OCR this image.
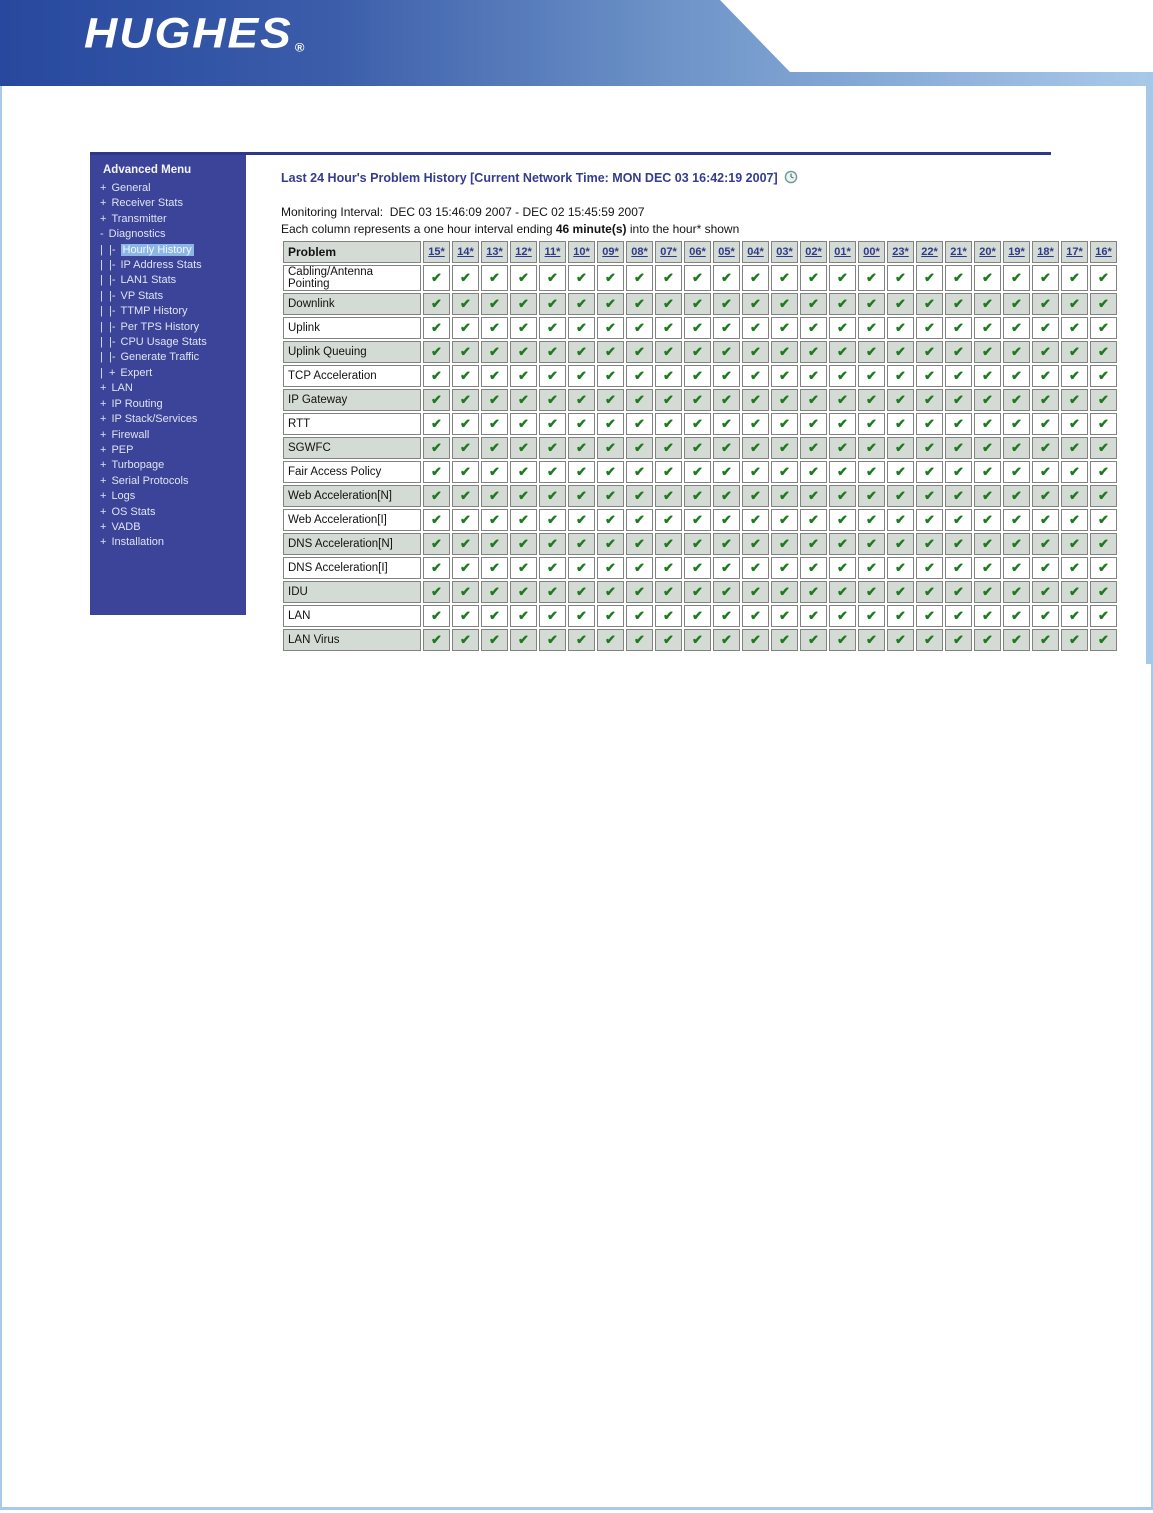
HUGHES ®
Advanced Menu
+ General
+ Receiver Stats
+ Transmitter
- Diagnostics
|  |- Hourly History
|  |- IP Address Stats
|  |- LAN1 Stats
|  |- VP Stats
|  |- TTMP History
|  |- Per TPS History
|  |- CPU Usage Stats
|  |- Generate Traffic
|  + Expert
+ LAN
+ IP Routing
+ IP Stack/Services
+ Firewall
+ PEP
+ Turbopage
+ Serial Protocols
+ Logs
+ OS Stats
+ VADB
+ Installation
Last 24 Hour's Problem History [Current Network Time: MON DEC 03 16:42:19 2007]
Monitoring Interval: DEC 03 15:46:09 2007 - DEC 02 15:45:59 2007
Each column represents a one hour interval ending 46 minute(s) into the hour* shown
Problem	15*	14*	13*	12*	11*	10*	09*	08*	07*	06*	05*	04*	03*	02*	01*	00*	23*	22*	21*	20*	19*	18*	17*	16*
Cabling/Antenna Pointing	✔	✔	✔	✔	✔	✔	✔	✔	✔	✔	✔	✔	✔	✔	✔	✔	✔	✔	✔	✔	✔	✔	✔	✔
Downlink	✔	✔	✔	✔	✔	✔	✔	✔	✔	✔	✔	✔	✔	✔	✔	✔	✔	✔	✔	✔	✔	✔	✔	✔
Uplink	✔	✔	✔	✔	✔	✔	✔	✔	✔	✔	✔	✔	✔	✔	✔	✔	✔	✔	✔	✔	✔	✔	✔	✔
Uplink Queuing	✔	✔	✔	✔	✔	✔	✔	✔	✔	✔	✔	✔	✔	✔	✔	✔	✔	✔	✔	✔	✔	✔	✔	✔
TCP Acceleration	✔	✔	✔	✔	✔	✔	✔	✔	✔	✔	✔	✔	✔	✔	✔	✔	✔	✔	✔	✔	✔	✔	✔	✔
IP Gateway	✔	✔	✔	✔	✔	✔	✔	✔	✔	✔	✔	✔	✔	✔	✔	✔	✔	✔	✔	✔	✔	✔	✔	✔
RTT	✔	✔	✔	✔	✔	✔	✔	✔	✔	✔	✔	✔	✔	✔	✔	✔	✔	✔	✔	✔	✔	✔	✔	✔
SGWFC	✔	✔	✔	✔	✔	✔	✔	✔	✔	✔	✔	✔	✔	✔	✔	✔	✔	✔	✔	✔	✔	✔	✔	✔
Fair Access Policy	✔	✔	✔	✔	✔	✔	✔	✔	✔	✔	✔	✔	✔	✔	✔	✔	✔	✔	✔	✔	✔	✔	✔	✔
Web Acceleration[N]	✔	✔	✔	✔	✔	✔	✔	✔	✔	✔	✔	✔	✔	✔	✔	✔	✔	✔	✔	✔	✔	✔	✔	✔
Web Acceleration[I]	✔	✔	✔	✔	✔	✔	✔	✔	✔	✔	✔	✔	✔	✔	✔	✔	✔	✔	✔	✔	✔	✔	✔	✔
DNS Acceleration[N]	✔	✔	✔	✔	✔	✔	✔	✔	✔	✔	✔	✔	✔	✔	✔	✔	✔	✔	✔	✔	✔	✔	✔	✔
DNS Acceleration[I]	✔	✔	✔	✔	✔	✔	✔	✔	✔	✔	✔	✔	✔	✔	✔	✔	✔	✔	✔	✔	✔	✔	✔	✔
IDU	✔	✔	✔	✔	✔	✔	✔	✔	✔	✔	✔	✔	✔	✔	✔	✔	✔	✔	✔	✔	✔	✔	✔	✔
LAN	✔	✔	✔	✔	✔	✔	✔	✔	✔	✔	✔	✔	✔	✔	✔	✔	✔	✔	✔	✔	✔	✔	✔	✔
LAN Virus	✔	✔	✔	✔	✔	✔	✔	✔	✔	✔	✔	✔	✔	✔	✔	✔	✔	✔	✔	✔	✔	✔	✔	✔
